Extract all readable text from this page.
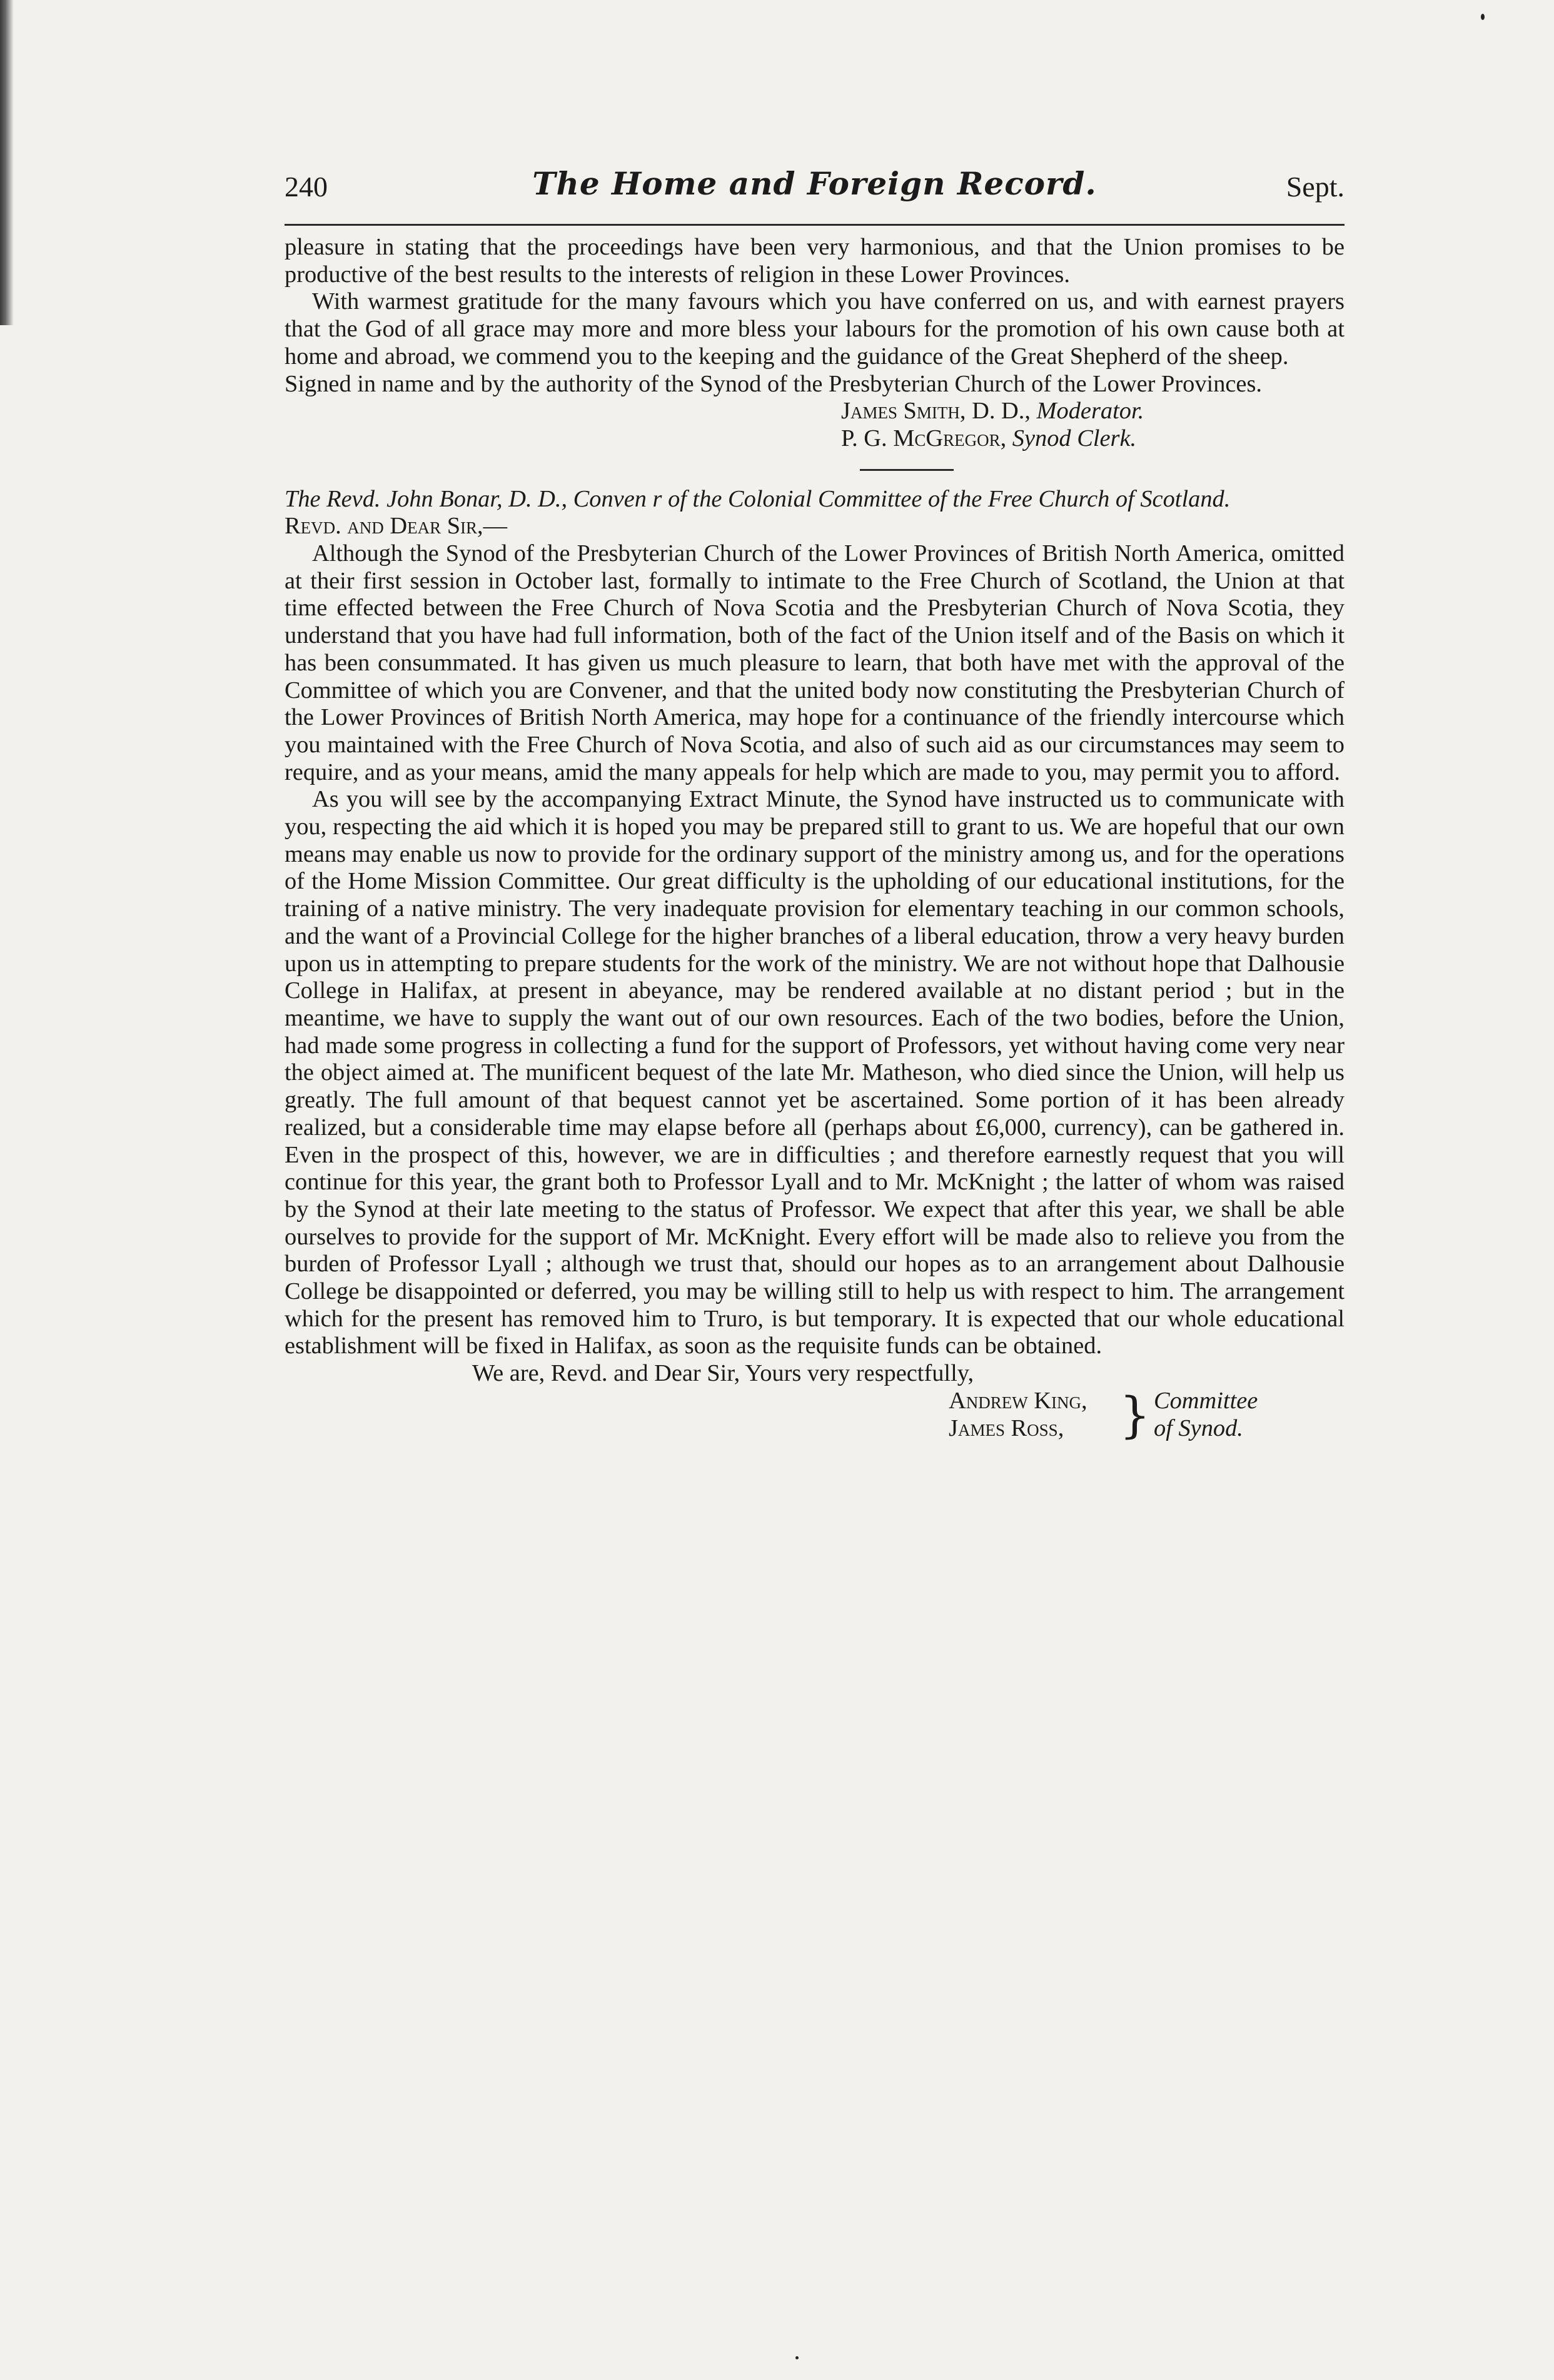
240	The Home and Foreign Record.	Sept.

pleasure in stating that the proceedings have been very harmonious, and that the Union promises to be productive of the best results to the interests of religion in these Lower Provinces.

With warmest gratitude for the many favours which you have conferred on us, and with earnest prayers that the God of all grace may more and more bless your labours for the promotion of his own cause both at home and abroad, we commend you to the keeping and the guidance of the Great Shepherd of the sheep.

Signed in name and by the authority of the Synod of the Presbyterian Church of the Lower Provinces.

James Smith, D. D., Moderator.

P. G. McGregor, Synod Clerk.

The Revd. John Bonar, D. D., Conven r of the Colonial Committee of the Free Church of Scotland.

Revd. and Dear Sir,—

Although the Synod of the Presbyterian Church of the Lower Provinces of British North America, omitted at their first session in October last, formally to intimate to the Free Church of Scotland, the Union at that time effected between the Free Church of Nova Scotia and the Presbyterian Church of Nova Scotia, they understand that you have had full information, both of the fact of the Union itself and of the Basis on which it has been consummated. It has given us much pleasure to learn, that both have met with the approval of the Committee of which you are Convener, and that the united body now constituting the Presbyterian Church of the Lower Provinces of British North America, may hope for a continuance of the friendly intercourse which you maintained with the Free Church of Nova Scotia, and also of such aid as our circumstances may seem to require, and as your means, amid the many appeals for help which are made to you, may permit you to afford.

As you will see by the accompanying Extract Minute, the Synod have instructed us to communicate with you, respecting the aid which it is hoped you may be prepared still to grant to us. We are hopeful that our own means may enable us now to provide for the ordinary support of the ministry among us, and for the operations of the Home Mission Committee. Our great difficulty is the upholding of our educational institutions, for the training of a native ministry. The very inadequate provision for elementary teaching in our common schools, and the want of a Provincial College for the higher branches of a liberal education, throw a very heavy burden upon us in attempting to prepare students for the work of the ministry. We are not without hope that Dalhousie College in Halifax, at present in abeyance, may be rendered available at no distant period ; but in the meantime, we have to supply the want out of our own resources. Each of the two bodies, before the Union, had made some progress in collecting a fund for the support of Professors, yet without having come very near the object aimed at. The munificent bequest of the late Mr. Matheson, who died since the Union, will help us greatly. The full amount of that bequest cannot yet be ascertained. Some portion of it has been already realized, but a considerable time may elapse before all (perhaps about £6,000, currency), can be gathered in. Even in the prospect of this, however, we are in difficulties ; and therefore earnestly request that you will continue for this year, the grant both to Professor Lyall and to Mr. McKnight ; the latter of whom was raised by the Synod at their late meeting to the status of Professor. We expect that after this year, we shall be able ourselves to provide for the support of Mr. McKnight. Every effort will be made also to relieve you from the burden of Professor Lyall ; although we trust that, should our hopes as to an arrangement about Dalhousie College be disappointed or deferred, you may be willing still to help us with respect to him. The arrangement which for the present has removed him to Truro, is but temporary. It is expected that our whole educational establishment will be fixed in Halifax, as soon as the requisite funds can be obtained.

We are, Revd. and Dear Sir, Yours very respectfully,

Andrew King,
James Ross,	} Committee
of Synod.
